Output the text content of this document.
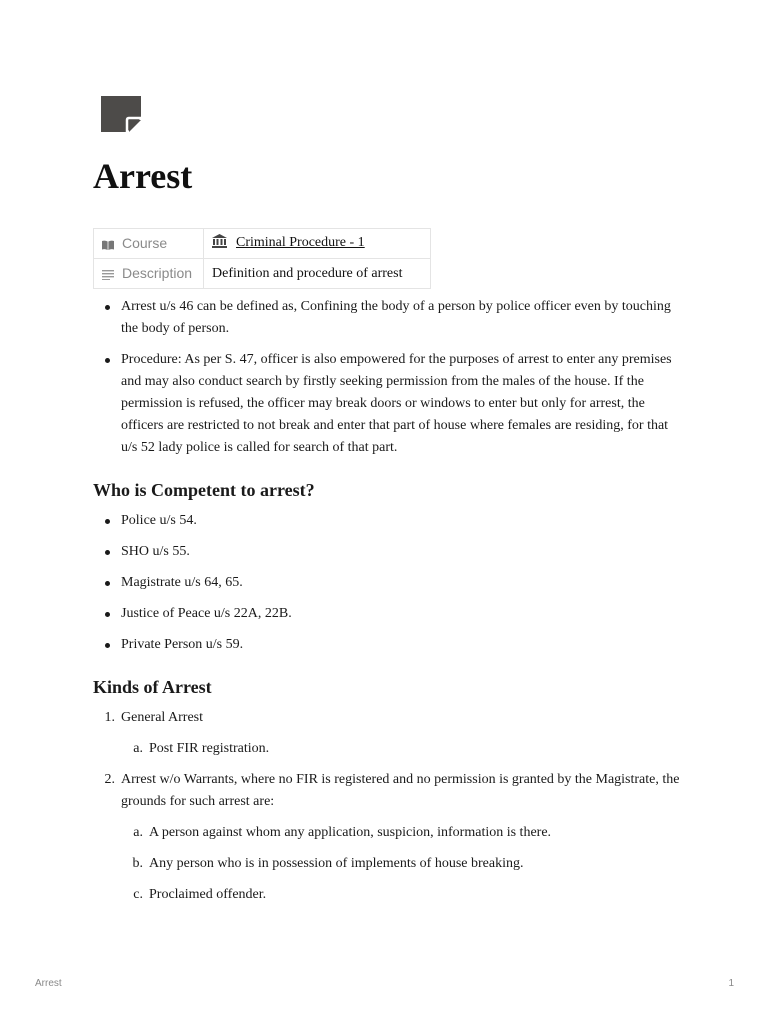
Arrest
Course	Criminal Procedure - 1
Description	Definition and procedure of arrest
Arrest u/s 46 can be defined as, Confining the body of a person by police officer even by touching the body of person.
Procedure: As per S. 47, officer is also empowered for the purposes of arrest to enter any premises and may also conduct search by firstly seeking permission from the males of the house. If the permission is refused, the officer may break doors or windows to enter but only for arrest, the officers are restricted to not break and enter that part of house where females are residing, for that u/s 52 lady police is called for search of that part.
Who is Competent to arrest?
Police u/s 54.
SHO u/s 55.
Magistrate u/s 64, 65.
Justice of Peace u/s 22A, 22B.
Private Person u/s 59.
Kinds of Arrest
1. General Arrest
a. Post FIR registration.
2. Arrest w/o Warrants, where no FIR is registered and no permission is granted by the Magistrate, the grounds for such arrest are:
a. A person against whom any application, suspicion, information is there.
b. Any person who is in possession of implements of house breaking.
c. Proclaimed offender.
Arrest	1
